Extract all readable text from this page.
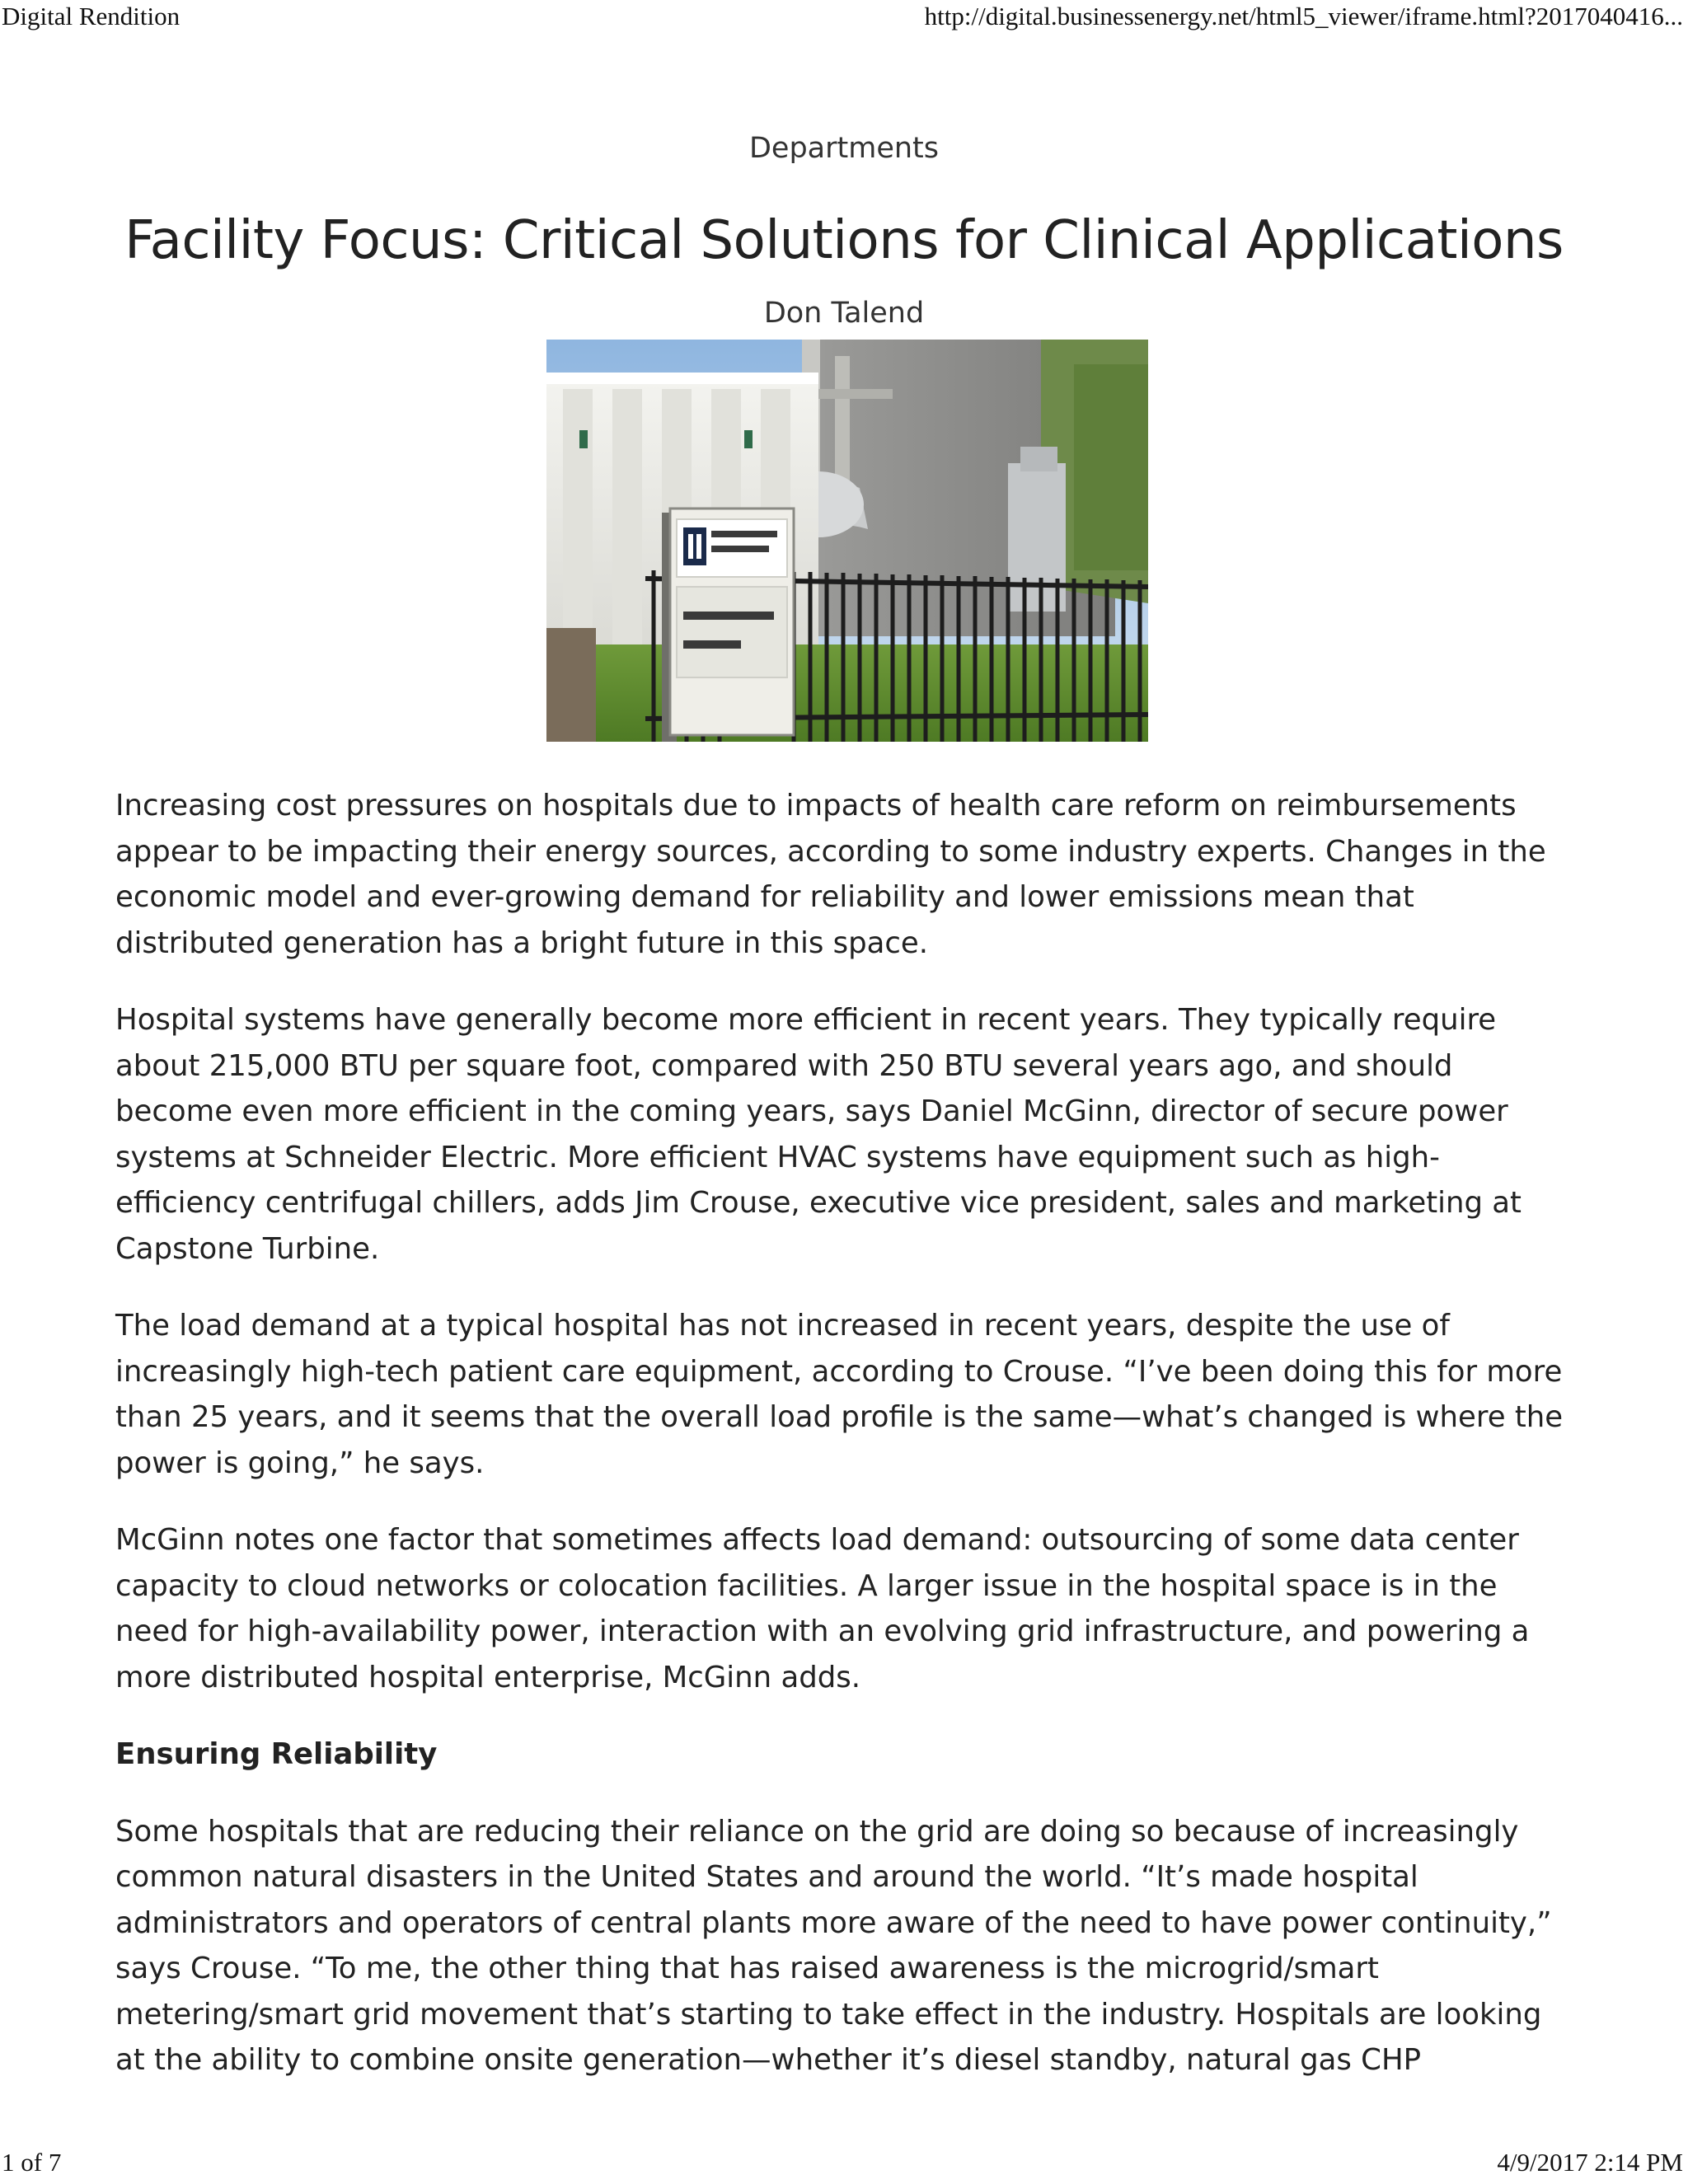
Digital Rendition	http://digital.businessenergy.net/html5_viewer/iframe.html?2017040416...
Departments
Facility Focus: Critical Solutions for Clinical Applications
Don Talend

Increasing cost pressures on hospitals due to impacts of health care reform on reimbursements appear to be impacting their energy sources, according to some industry experts. Changes in the economic model and ever-growing demand for reliability and lower emissions mean that distributed generation has a bright future in this space.

Hospital systems have generally become more efficient in recent years. They typically require about 215,000 BTU per square foot, compared with 250 BTU several years ago, and should become even more efficient in the coming years, says Daniel McGinn, director of secure power systems at Schneider Electric. More efficient HVAC systems have equipment such as high-efficiency centrifugal chillers, adds Jim Crouse, executive vice president, sales and marketing at Capstone Turbine.

The load demand at a typical hospital has not increased in recent years, despite the use of increasingly high-tech patient care equipment, according to Crouse. “I’ve been doing this for more than 25 years, and it seems that the overall load profile is the same—what’s changed is where the power is going,” he says.

McGinn notes one factor that sometimes affects load demand: outsourcing of some data center capacity to cloud networks or colocation facilities. A larger issue in the hospital space is in the need for high-availability power, interaction with an evolving grid infrastructure, and powering a more distributed hospital enterprise, McGinn adds.

Ensuring Reliability

Some hospitals that are reducing their reliance on the grid are doing so because of increasingly common natural disasters in the United States and around the world. “It’s made hospital administrators and operators of central plants more aware of the need to have power continuity,” says Crouse. “To me, the other thing that has raised awareness is the microgrid/smart metering/smart grid movement that’s starting to take effect in the industry. Hospitals are looking at the ability to combine onsite generation—whether it’s diesel standby, natural gas CHP

1 of 7	4/9/2017 2:14 PM
